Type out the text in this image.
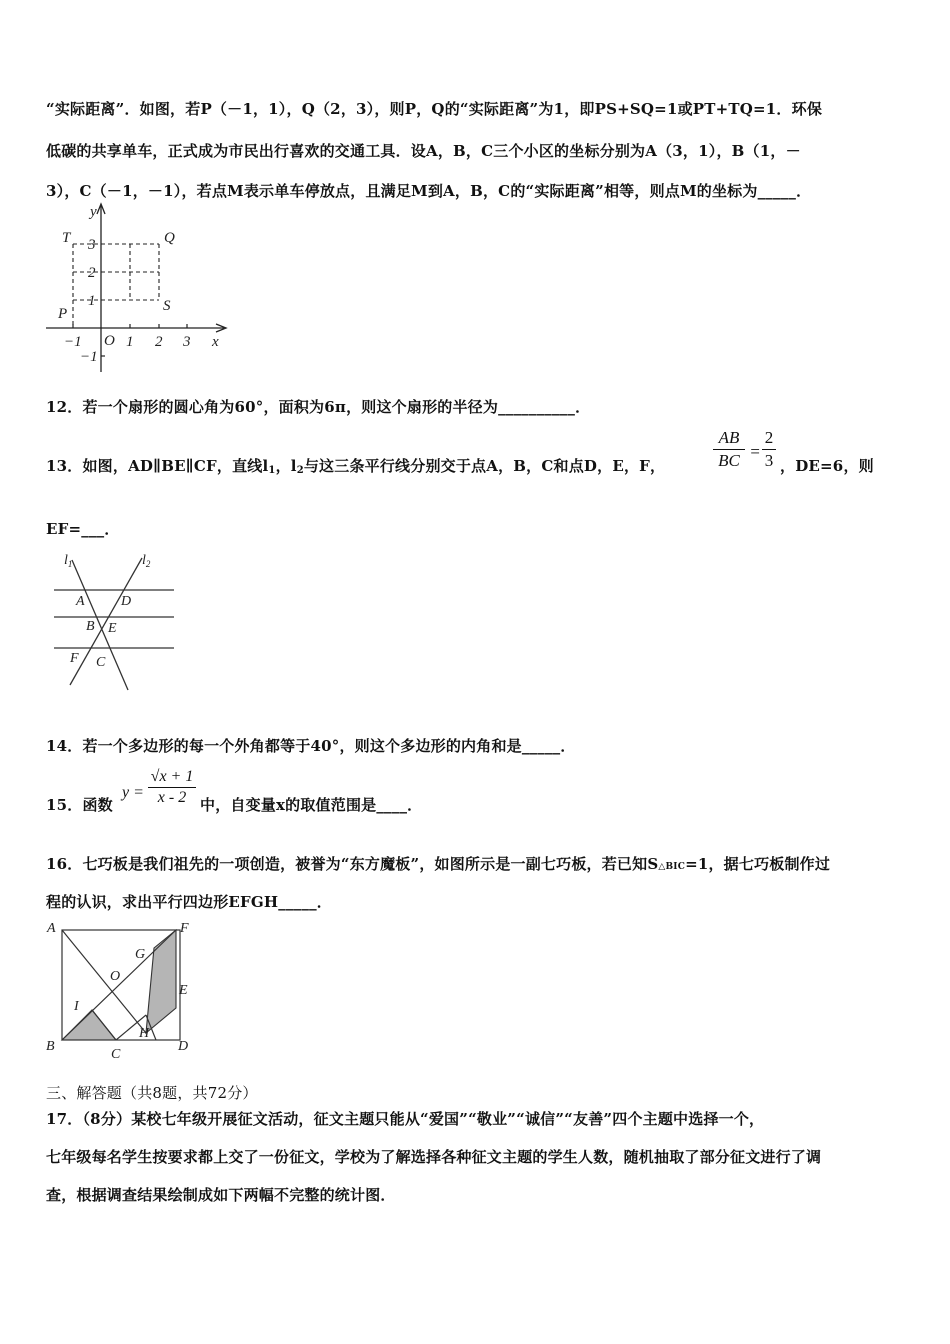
“实际距离”．如图，若P（－1，1），Q（2，3），则P，Q的“实际距离”为1，即PS+SQ=1或PT+TQ=1．环保
低碳的共享单车，正式成为市民出行喜欢的交通工具．设A，B，C三个小区的坐标分别为A（3，1），B（1，－
3），C（－1，－1），若点M表示单车停放点，且满足M到A，B，C的“实际距离”相等，则点M的坐标为_____．
y
x
O
−1	1 2 3
3
2
1
−1
T	Q
P	S
12．若一个扇形的圆心角为60°，面积为6π，则这个扇形的半径为__________．
13．如图，AD∥BE∥CF，直线l1，l2与这三条平行线分别交于点A，B，C和点D，E，F，
AB
BC =
2
3 ，DE=6，则
EF=___．
$l_1$	$l_2$
A	D
B E
F C
14．若一个多边形的每一个外角都等于40°，则这个多边形的内角和是_____．
15．函数
y =
√x + 1
x - 2 中，自变量x的取值范围是____．
16．七巧板是我们祖先的一项创造，被誉为“东方魔板”，如图所示是一副七巧板，若已知S△BIC=1，据七巧板制作过
程的认识，求出平行四边形EFGH_____．
A	F
G
O
E
I
H
B
C
D
三、解答题（共8题，共72分）
17．（8分）某校七年级开展征文活动，征文主题只能从“爱国”“敬业”“诚信”“友善”四个主题中选择一个，
七年级每名学生按要求都上交了一份征文，学校为了解选择各种征文主题的学生人数，随机抽取了部分征文进行了调
查，根据调查结果绘制成如下两幅不完整的统计图．
